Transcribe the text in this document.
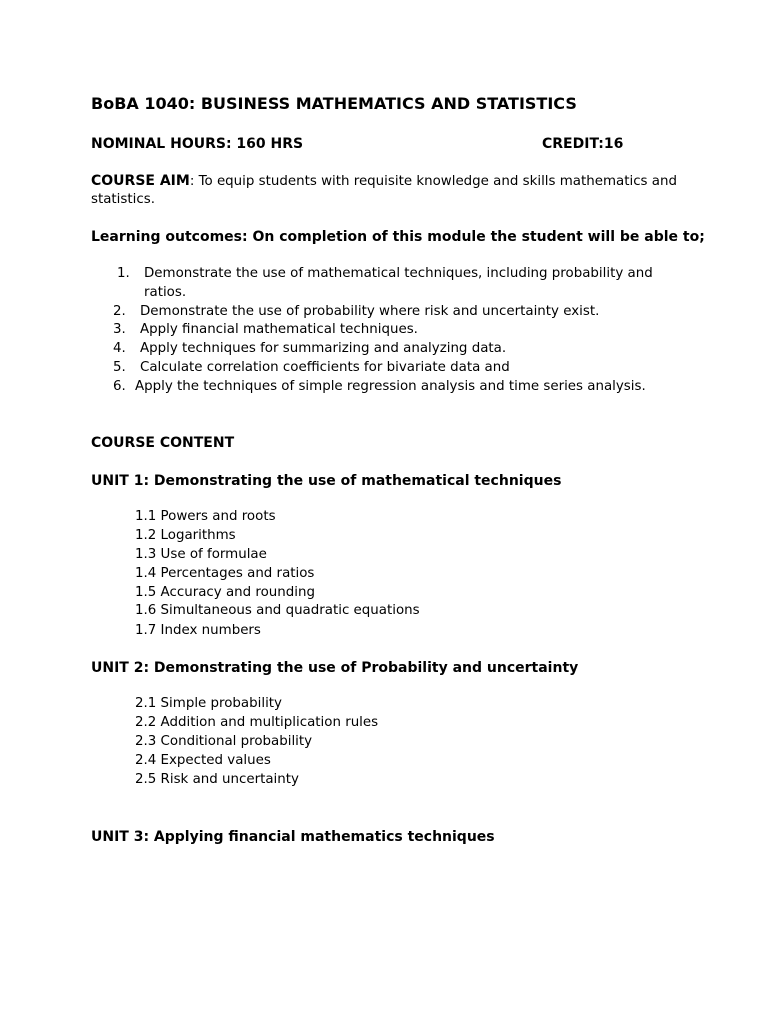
BoBA 1040: BUSINESS MATHEMATICS AND STATISTICS
NOMINAL HOURS: 160 HRS	CREDIT:16
COURSE AIM: To equip students with requisite knowledge and skills mathematics and
statistics.
Learning outcomes: On completion of this module the student will be able to;
1. Demonstrate the use of mathematical techniques, including probability and
ratios.
2. Demonstrate the use of probability where risk and uncertainty exist.
3. Apply financial mathematical techniques.
4. Apply techniques for summarizing and analyzing data.
5. Calculate correlation coefficients for bivariate data and
6. Apply the techniques of simple regression analysis and time series analysis.
COURSE CONTENT
UNIT 1: Demonstrating the use of mathematical techniques
1.1 Powers and roots
1.2 Logarithms
1.3 Use of formulae
1.4 Percentages and ratios
1.5 Accuracy and rounding
1.6 Simultaneous and quadratic equations
1.7 Index numbers
UNIT 2: Demonstrating the use of Probability and uncertainty
2.1 Simple probability
2.2 Addition and multiplication rules
2.3 Conditional probability
2.4 Expected values
2.5 Risk and uncertainty
UNIT 3: Applying financial mathematics techniques
